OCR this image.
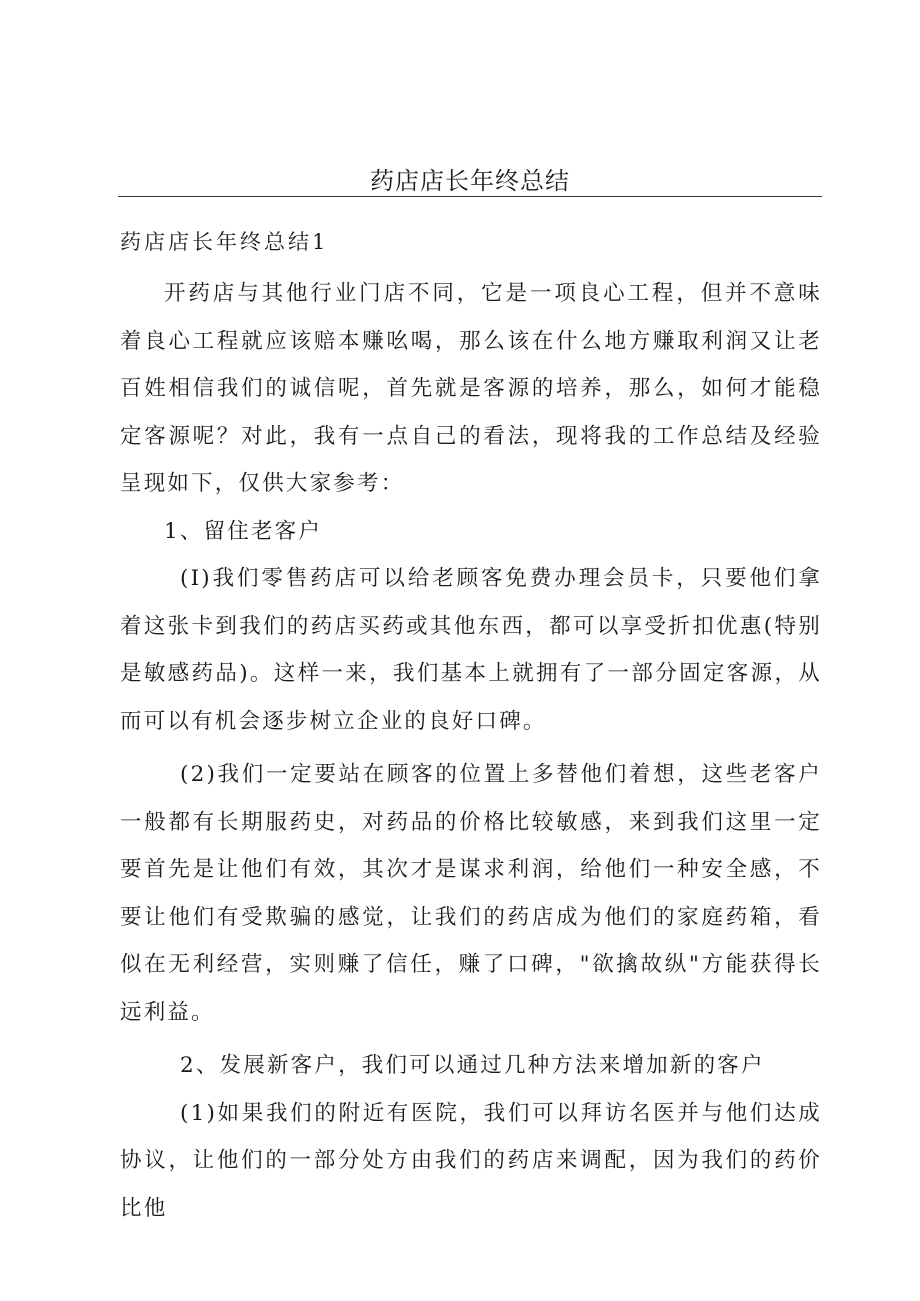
药店店长年终总结

药店店长年终总结1

开药店与其他行业门店不同，它是一项良心工程，但并不意味着良心工程就应该赔本赚吆喝，那么该在什么地方赚取利润又让老百姓相信我们的诚信呢，首先就是客源的培养，那么，如何才能稳定客源呢？对此，我有一点自己的看法，现将我的工作总结及经验呈现如下，仅供大家参考：

1、留住老客户

(I)我们零售药店可以给老顾客免费办理会员卡，只要他们拿着这张卡到我们的药店买药或其他东西，都可以享受折扣优惠(特别是敏感药品)。这样一来，我们基本上就拥有了一部分固定客源，从而可以有机会逐步树立企业的良好口碑。

(2)我们一定要站在顾客的位置上多替他们着想，这些老客户一般都有长期服药史，对药品的价格比较敏感，来到我们这里一定要首先是让他们有效，其次才是谋求利润，给他们一种安全感，不要让他们有受欺骗的感觉，让我们的药店成为他们的家庭药箱，看似在无利经营，实则赚了信任，赚了口碑，"欲擒故纵"方能获得长远利益。

2、发展新客户，我们可以通过几种方法来增加新的客户

(1)如果我们的附近有医院，我们可以拜访名医并与他们达成协议，让他们的一部分处方由我们的药店来调配，因为我们的药价比他
